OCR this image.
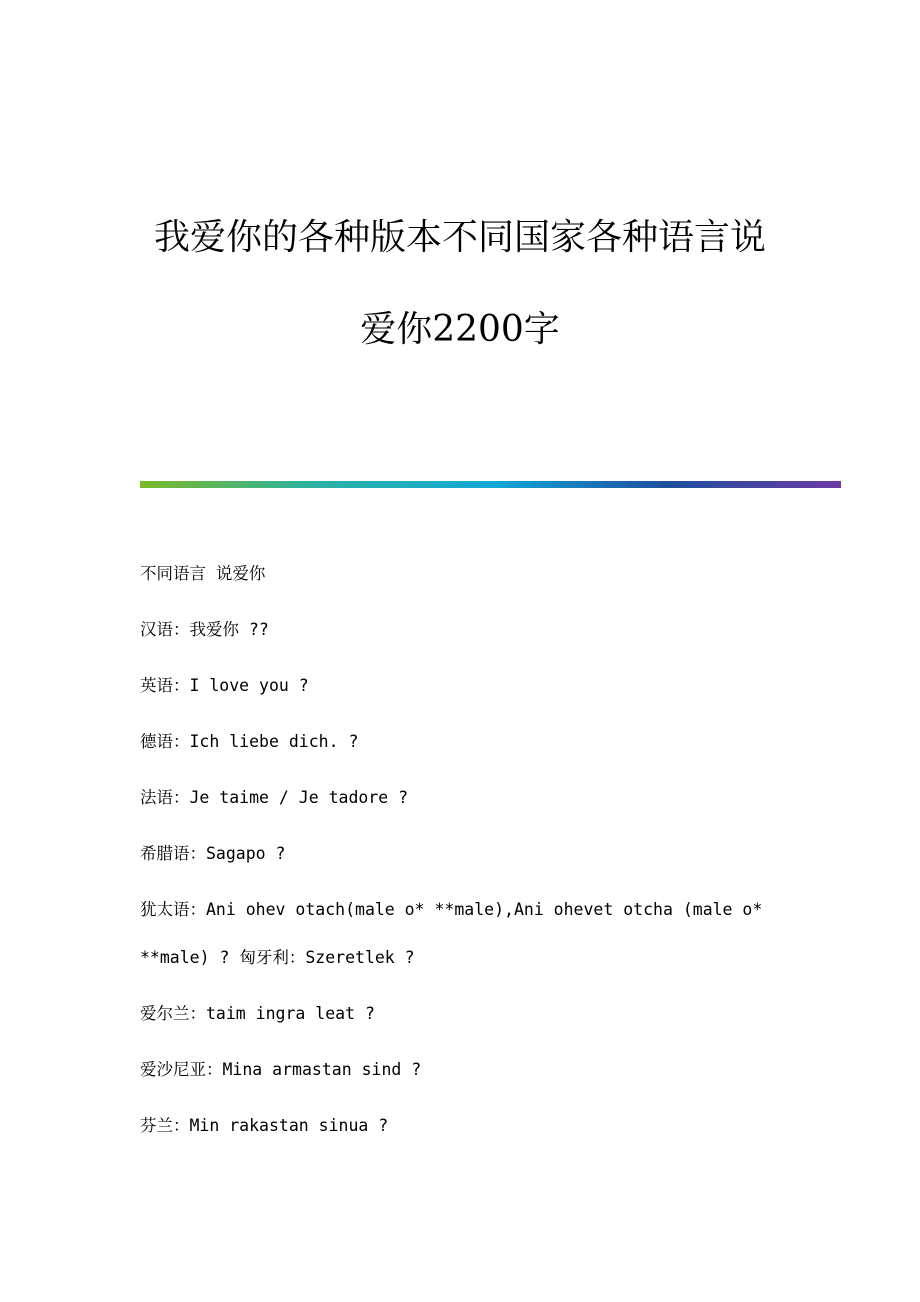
我爱你的各种版本不同国家各种语言说
爱你2200字

不同语言 说爱你

汉语：我爱你 ??

英语：I love you ?

德语：Ich liebe dich. ?

法语：Je taime / Je tadore ?

希腊语：Sagapo ?

犹太语：Ani ohev otach(male o* **male),Ani ohevet otcha (male o*
**male) ? 匈牙利：Szeretlek ?

爱尔兰：taim ingra leat ?

爱沙尼亚：Mina armastan sind ?

芬兰：Min rakastan sinua ?
